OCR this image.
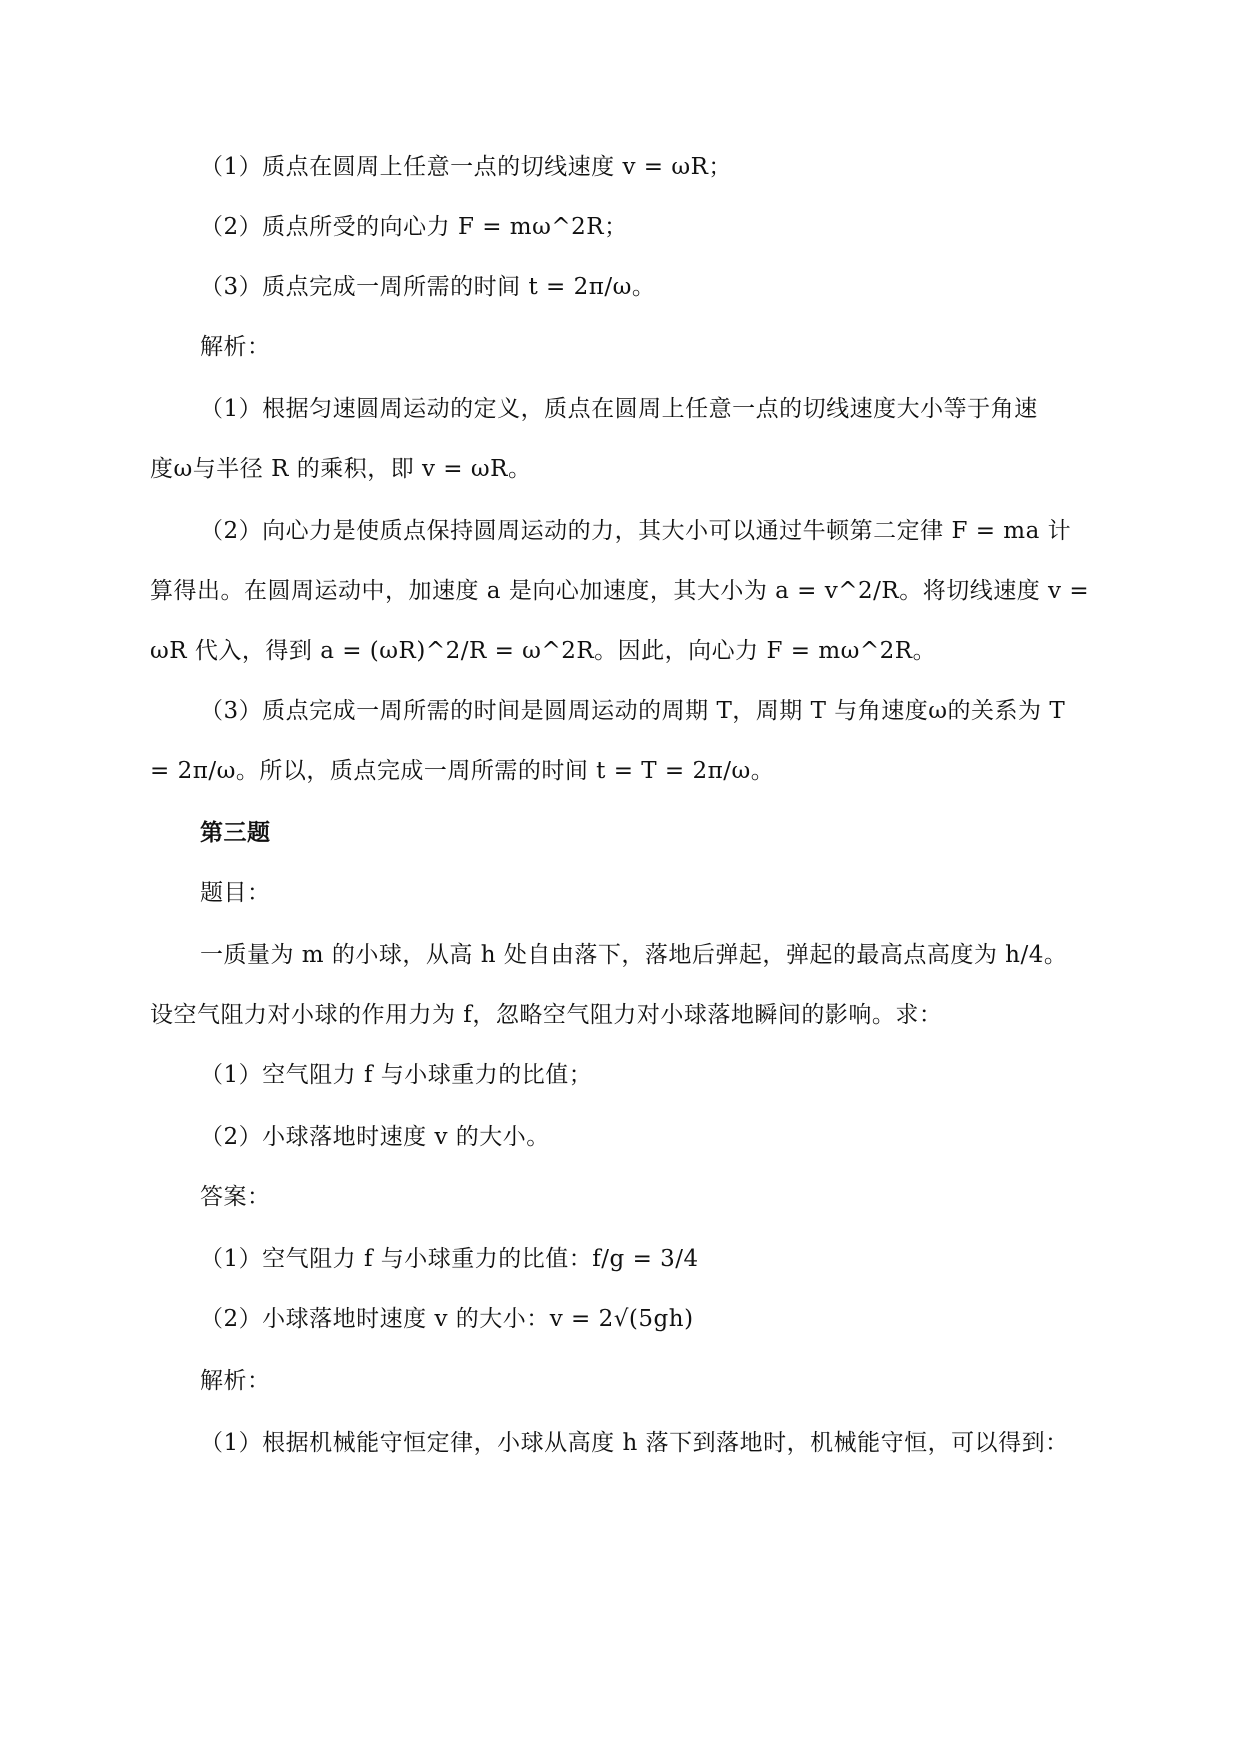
（1）质点在圆周上任意一点的切线速度 v = ωR；
（2）质点所受的向心力 F = mω^2R；
（3）质点完成一周所需的时间 t = 2π/ω。
解析：
（1）根据匀速圆周运动的定义，质点在圆周上任意一点的切线速度大小等于角速
度ω与半径 R 的乘积，即 v = ωR。
（2）向心力是使质点保持圆周运动的力，其大小可以通过牛顿第二定律 F = ma 计
算得出。在圆周运动中，加速度 a 是向心加速度，其大小为 a = v^2/R。将切线速度 v =
ωR 代入，得到 a = (ωR)^2/R = ω^2R。因此，向心力 F = mω^2R。
（3）质点完成一周所需的时间是圆周运动的周期 T，周期 T 与角速度ω的关系为 T
= 2π/ω。所以，质点完成一周所需的时间 t = T = 2π/ω。
第三题
题目：
一质量为 m 的小球，从高 h 处自由落下，落地后弹起，弹起的最高点高度为 h/4。
设空气阻力对小球的作用力为 f，忽略空气阻力对小球落地瞬间的影响。求：
（1）空气阻力 f 与小球重力的比值；
（2）小球落地时速度 v 的大小。
答案：
（1）空气阻力 f 与小球重力的比值：f/g = 3/4
（2）小球落地时速度 v 的大小：v = 2√(5gh)
解析：
（1）根据机械能守恒定律，小球从高度 h 落下到落地时，机械能守恒，可以得到：
